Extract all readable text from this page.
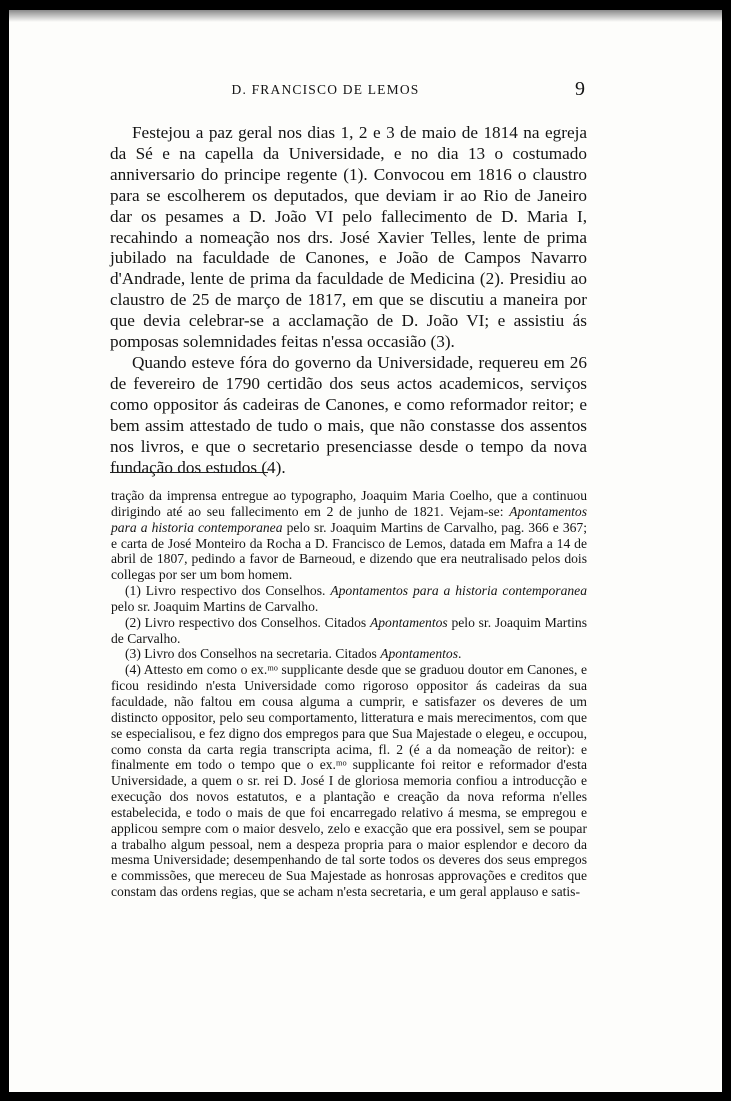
D. FRANCISCO DE LEMOS	9

Festejou a paz geral nos dias 1, 2 e 3 de maio de 1814 na egreja da Sé e na capella da Universidade, e no dia 13 o costumado anniversario do principe regente (1). Convocou em 1816 o claustro para se escolherem os deputados, que deviam ir ao Rio de Janeiro dar os pesames a D. João VI pelo fallecimento de D. Maria I, recahindo a nomeação nos drs. José Xavier Telles, lente de prima jubilado na faculdade de Canones, e João de Campos Navarro d'Andrade, lente de prima da faculdade de Medicina (2). Presidiu ao claustro de 25 de março de 1817, em que se discutiu a maneira por que devia celebrar-se a acclamação de D. João VI; e assistiu ás pomposas solemnidades feitas n'essa occasião (3).

Quando esteve fóra do governo da Universidade, requereu em 26 de fevereiro de 1790 certidão dos seus actos academicos, serviços como oppositor ás cadeiras de Canones, e como reformador reitor; e bem assim attestado de tudo o mais, que não constasse dos assentos nos livros, e que o secretario presenciasse desde o tempo da nova fundação dos estudos (4).

tração da imprensa entregue ao typographo, Joaquim Maria Coelho, que a continuou dirigindo até ao seu fallecimento em 2 de junho de 1821. Vejam-se: Apontamentos para a historia contemporanea pelo sr. Joaquim Martins de Carvalho, pag. 366 e 367; e carta de José Monteiro da Rocha a D. Francisco de Lemos, datada em Mafra a 14 de abril de 1807, pedindo a favor de Barneoud, e dizendo que era neutralisado pelos dois collegas por ser um bom homem.

(1) Livro respectivo dos Conselhos. Apontamentos para a historia contemporanea pelo sr. Joaquim Martins de Carvalho.

(2) Livro respectivo dos Conselhos. Citados Apontamentos pelo sr. Joaquim Martins de Carvalho.

(3) Livro dos Conselhos na secretaria. Citados Apontamentos.

(4) Attesto em como o ex.ᵐᵒ supplicante desde que se graduou doutor em Canones, e ficou residindo n'esta Universidade como rigoroso oppositor ás cadeiras da sua faculdade, não faltou em cousa alguma a cumprir, e satisfazer os deveres de um distincto oppositor, pelo seu comportamento, litteratura e mais merecimentos, com que se especialisou, e fez digno dos empregos para que Sua Majestade o elegeu, e occupou, como consta da carta regia transcripta acima, fl. 2 (é a da nomeação de reitor): e finalmente em todo o tempo que o ex.ᵐᵒ supplicante foi reitor e reformador d'esta Universidade, a quem o sr. rei D. José I de gloriosa memoria confiou a introducção e execução dos novos estatutos, e a plantação e creação da nova reforma n'elles estabelecida, e todo o mais de que foi encarregado relativo á mesma, se empregou e applicou sempre com o maior desvelo, zelo e exacção que era possivel, sem se poupar a trabalho algum pessoal, nem a despeza propria para o maior esplendor e decoro da mesma Universidade; desempenhando de tal sorte todos os deveres dos seus empregos e commissões, que mereceu de Sua Majestade as honrosas approvações e creditos que constam das ordens regias, que se acham n'esta secretaria, e um geral applauso e satis-
